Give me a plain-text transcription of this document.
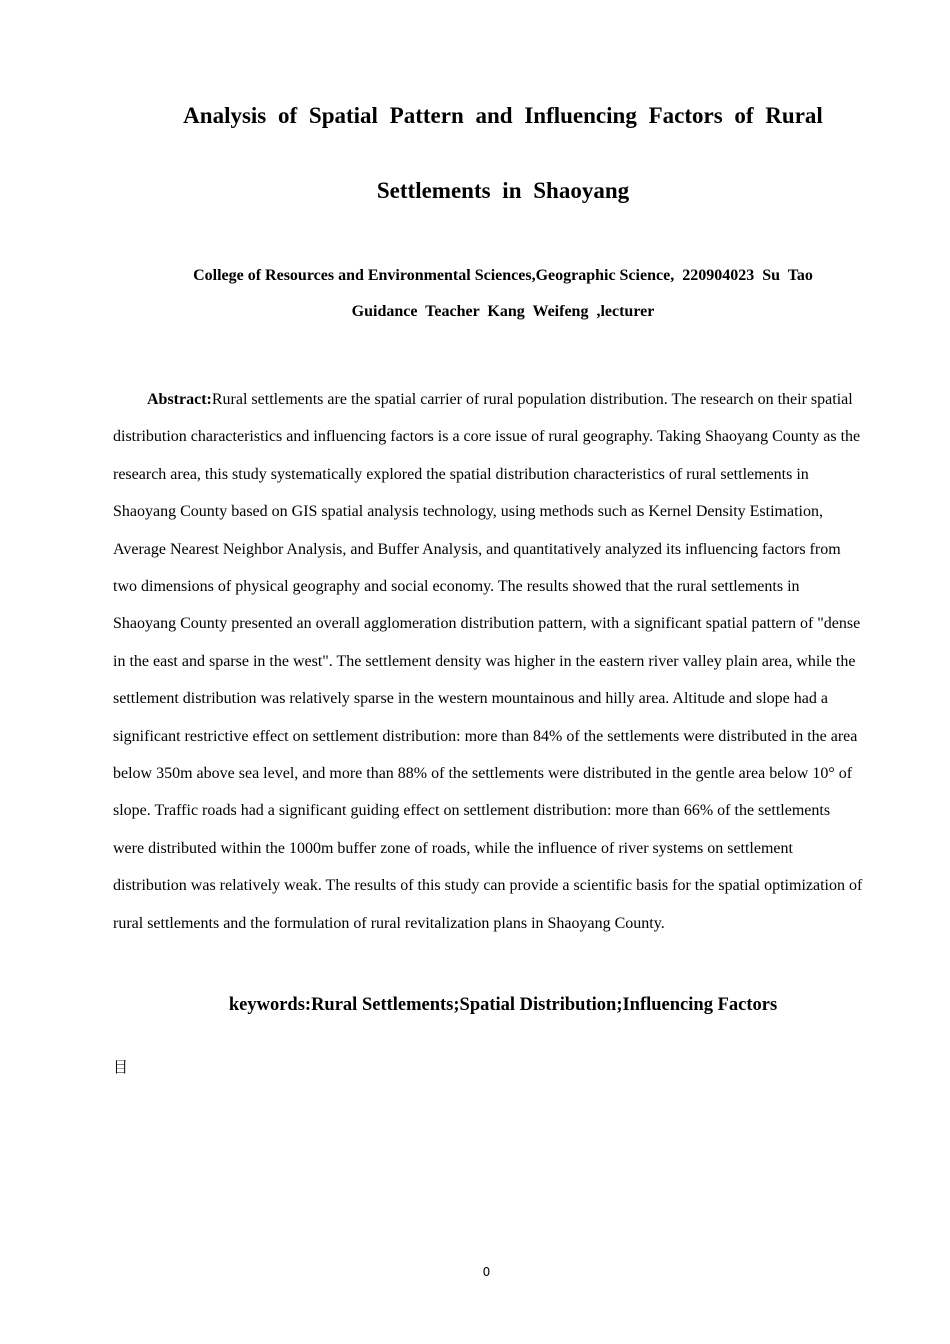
Analysis of Spatial Pattern and Influencing Factors of Rural
Settlements in Shaoyang

College of Resources and Environmental Sciences,Geographic Science,  220904023  Su  Tao

Guidance  Teacher  Kang  Weifeng  ,lecturer

Abstract:Rural settlements are the spatial carrier of rural population distribution. The research on their spatial distribution characteristics and influencing factors is a core issue of rural geography. Taking Shaoyang County as the research area, this study systematically explored the spatial distribution characteristics of rural settlements in Shaoyang County based on GIS spatial analysis technology, using methods such as Kernel Density Estimation, Average Nearest Neighbor Analysis, and Buffer Analysis, and quantitatively analyzed its influencing factors from two dimensions of physical geography and social economy. The results showed that the rural settlements in Shaoyang County presented an overall agglomeration distribution pattern, with a significant spatial pattern of "dense in the east and sparse in the west". The settlement density was higher in the eastern river valley plain area, while the settlement distribution was relatively sparse in the western mountainous and hilly area. Altitude and slope had a significant restrictive effect on settlement distribution: more than 84% of the settlements were distributed in the area below 350m above sea level, and more than 88% of the settlements were distributed in the gentle area below 10° of slope. Traffic roads had a significant guiding effect on settlement distribution: more than 66% of the settlements were distributed within the 1000m buffer zone of roads, while the influence of river systems on settlement distribution was relatively weak. The results of this study can provide a scientific basis for the spatial optimization of rural settlements and the formulation of rural revitalization plans in Shaoyang County.

keywords:Rural Settlements;Spatial Distribution;Influencing Factors

目
0
